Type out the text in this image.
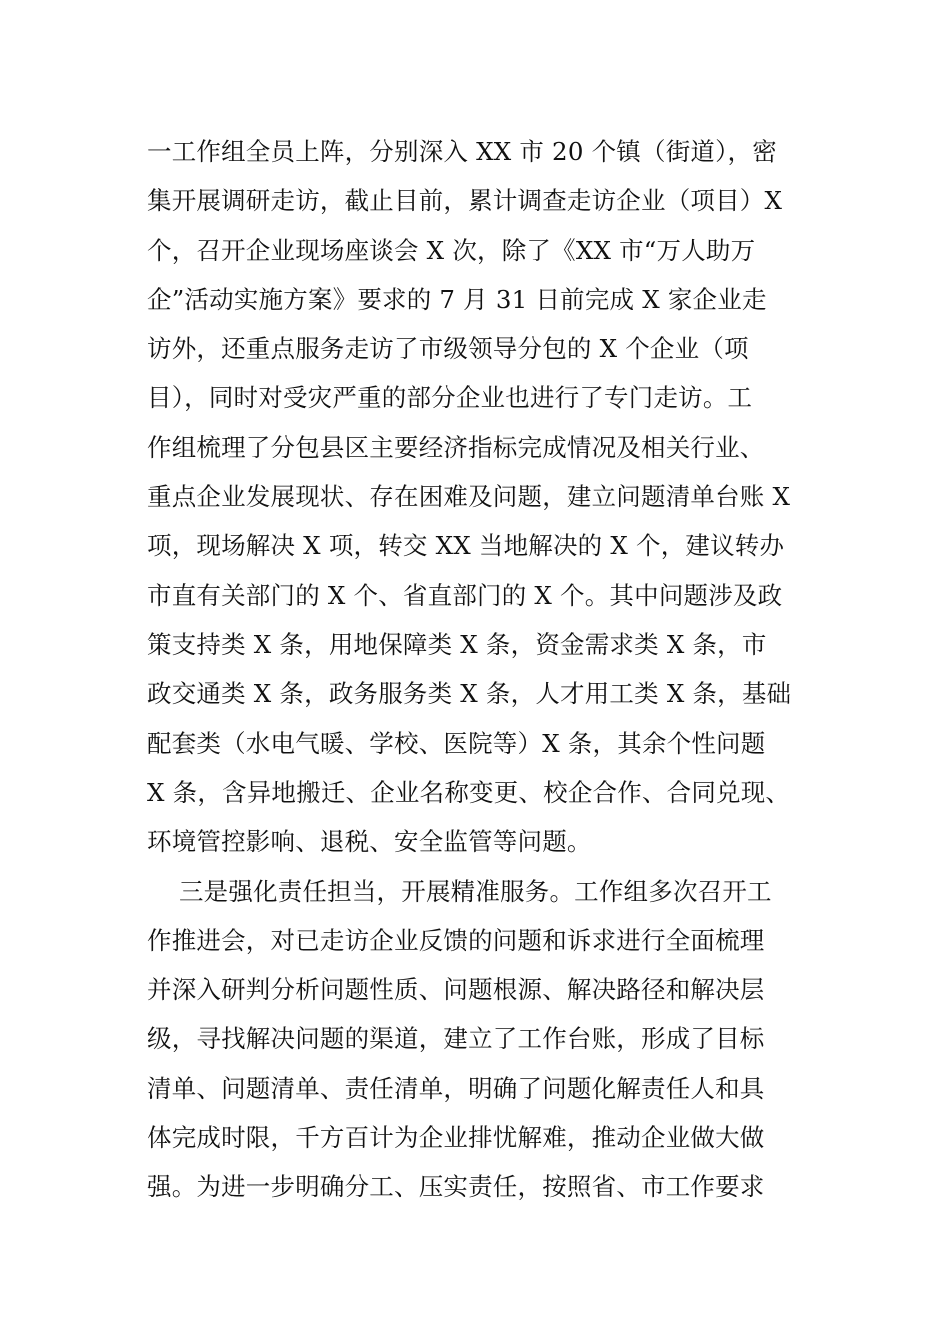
一工作组全员上阵，分别深入 XX 市 20 个镇（街道），密
集开展调研走访，截止目前，累计调查走访企业（项目）X
个，召开企业现场座谈会 X 次，除了《XX 市“万人助万
企”活动实施方案》要求的 7 月 31 日前完成 X 家企业走
访外，还重点服务走访了市级领导分包的 X 个企业（项
目），同时对受灾严重的部分企业也进行了专门走访。工
作组梳理了分包县区主要经济指标完成情况及相关行业、
重点企业发展现状、存在困难及问题，建立问题清单台账 X
项，现场解决 X 项，转交 XX 当地解决的 X 个，建议转办
市直有关部门的 X 个、省直部门的 X 个。其中问题涉及政
策支持类 X 条，用地保障类 X 条，资金需求类 X 条，市
政交通类 X 条，政务服务类 X 条，人才用工类 X 条，基础
配套类（水电气暖、学校、医院等）X 条，其余个性问题
X 条，含异地搬迁、企业名称变更、校企合作、合同兑现、
环境管控影响、退税、安全监管等问题。
三是强化责任担当，开展精准服务。工作组多次召开工
作推进会，对已走访企业反馈的问题和诉求进行全面梳理
并深入研判分析问题性质、问题根源、解决路径和解决层
级，寻找解决问题的渠道，建立了工作台账，形成了目标
清单、问题清单、责任清单，明确了问题化解责任人和具
体完成时限，千方百计为企业排忧解难，推动企业做大做
强。为进一步明确分工、压实责任，按照省、市工作要求
